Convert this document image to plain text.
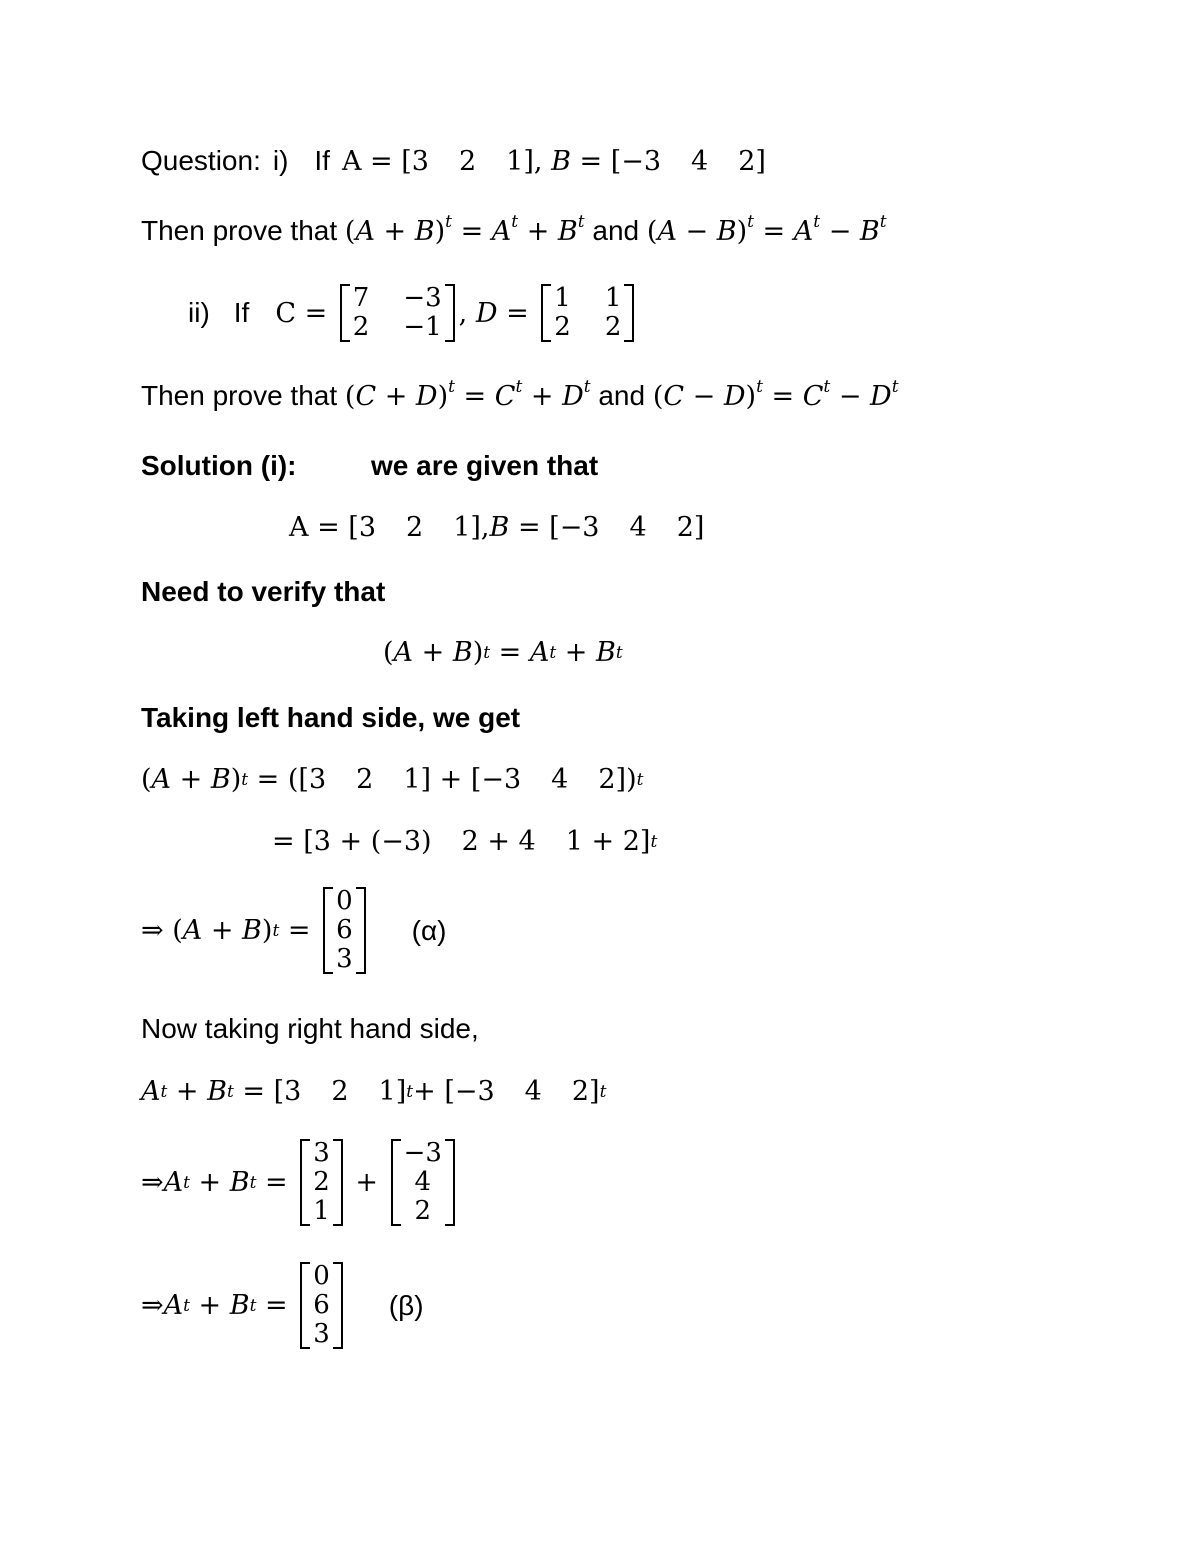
Question: i) If A = [ 3 2 1 ], B = [ −3 4 2 ]
Then prove that
$(A + B)^t = A^t + B^t$
and
$(A - B)^t = A^t - B^t$
ii) If C = 7 −3
2 −1 , D = 1 1
2 2
Then prove that
$(C + D)^t = C^t + D^t$
and
$(C - D)^t = C^t - D^t$
Solution (i):	we are given that
A = [ 3 2 1 ], B = [ −3 4 2 ]
Need to verify that
( A + B ) t = A t + B t
Taking left hand side, we get
( A + B ) t = ([ 3 2 1 ] + [ −3 4 2 ]) t
= [ 3 + (−3) 2 + 4 1 + 2 ] t
⇒ ( A + B ) t =
0
6
3
(α)
Now taking right hand side,
A t + B t = [ 3 2 1 ] t + [ −3 4 2 ] t
⇒ A t + B t =
3
2
1
+
−3
4
2
⇒ A t + B t =
0
6
3
(β)
